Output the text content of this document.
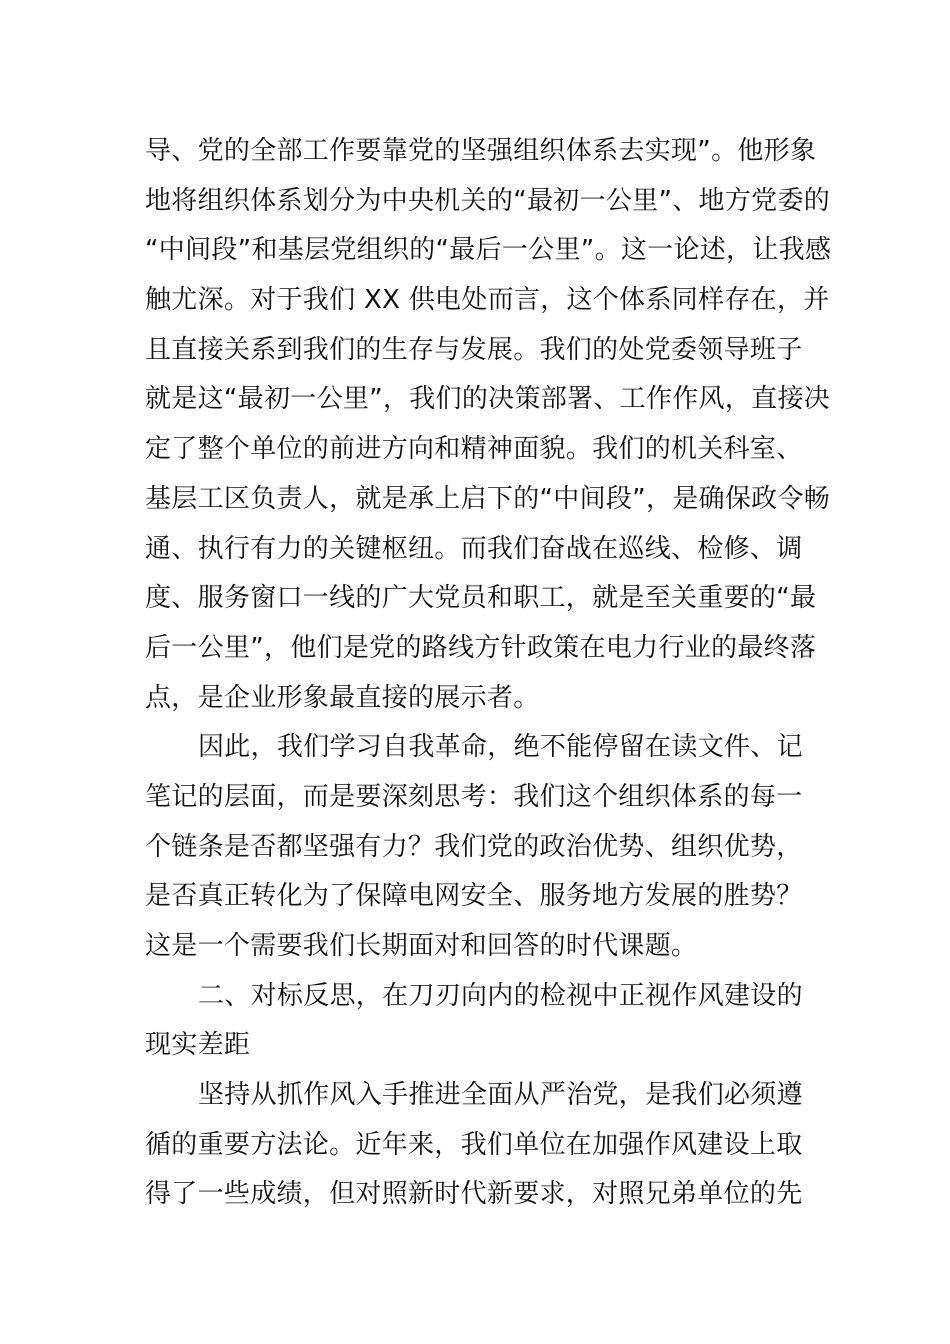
导、党的全部工作要靠党的坚强组织体系去实现”。他形象
地将组织体系划分为中央机关的“最初一公里”、地方党委的
“中间段”和基层党组织的“最后一公里”。这一论述，让我感
触尤深。对于我们 XX 供电处而言，这个体系同样存在，并
且直接关系到我们的生存与发展。我们的处党委领导班子
就是这“最初一公里”，我们的决策部署、工作作风，直接决
定了整个单位的前进方向和精神面貌。我们的机关科室、
基层工区负责人，就是承上启下的“中间段”，是确保政令畅
通、执行有力的关键枢纽。而我们奋战在巡线、检修、调
度、服务窗口一线的广大党员和职工，就是至关重要的“最
后一公里”，他们是党的路线方针政策在电力行业的最终落
点，是企业形象最直接的展示者。
因此，我们学习自我革命，绝不能停留在读文件、记
笔记的层面，而是要深刻思考：我们这个组织体系的每一
个链条是否都坚强有力？我们党的政治优势、组织优势，
是否真正转化为了保障电网安全、服务地方发展的胜势？
这是一个需要我们长期面对和回答的时代课题。
二、对标反思，在刀刃向内的检视中正视作风建设的
现实差距
坚持从抓作风入手推进全面从严治党，是我们必须遵
循的重要方法论。近年来，我们单位在加强作风建设上取
得了一些成绩，但对照新时代新要求，对照兄弟单位的先
